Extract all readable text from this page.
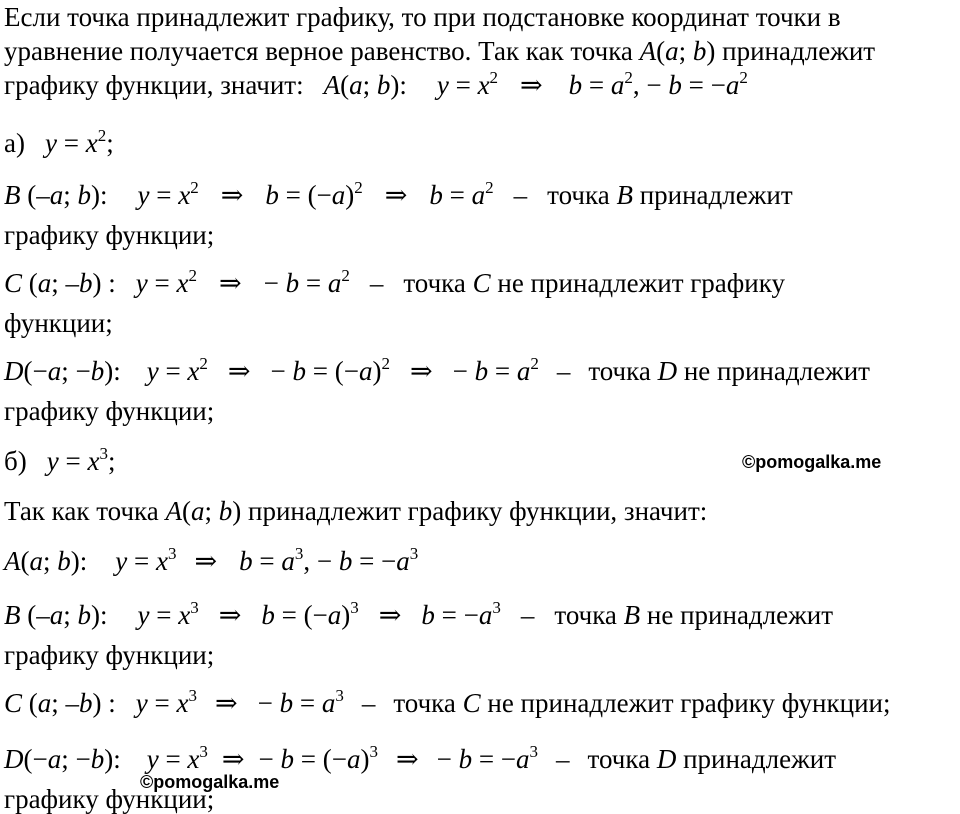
Если точка принадлежит графику, то при подстановке координат точки в
уравнение получается верное равенство. Так как точка A(a; b) принадлежит
графику функции, значит: A(a; b): $y = x^2$ ⇒ $b = a^2$, − $b = -a^2$
а) $y = x^2$;
B (–a; b): $y = x^2$ ⇒ $b = (-a)^2$ ⇒ $b = a^2$ – точка B принадлежит
графику функции;
C (a; –b) : $y = x^2$ ⇒ − $b = a^2$ – точка C не принадлежит графику
функции;
D(−a; −b): $y = x^2$ ⇒ − $b = (-a)^2$ ⇒ − $b = a^2$ – точка D не принадлежит
графику функции;
б) $y = x^3$;	©pomogalka.me
Так как точка A(a; b) принадлежит графику функции, значит:
A(a; b): $y = x^3$ ⇒ $b = a^3$, − $b = -a^3$
B (–a; b): $y = x^3$ ⇒ $b = (-a)^3$ ⇒ $b = -a^3$ – точка B не принадлежит
графику функции;
C (a; –b) : $y = x^3$ ⇒ − $b = a^3$ – точка C не принадлежит графику функции;
D(−a; −b): $y = x^3$ ⇒ − $b = (-a)^3$ ⇒ − $b = -a^3$ – точка D принадлежит
графику функции;
©pomogalka.me
